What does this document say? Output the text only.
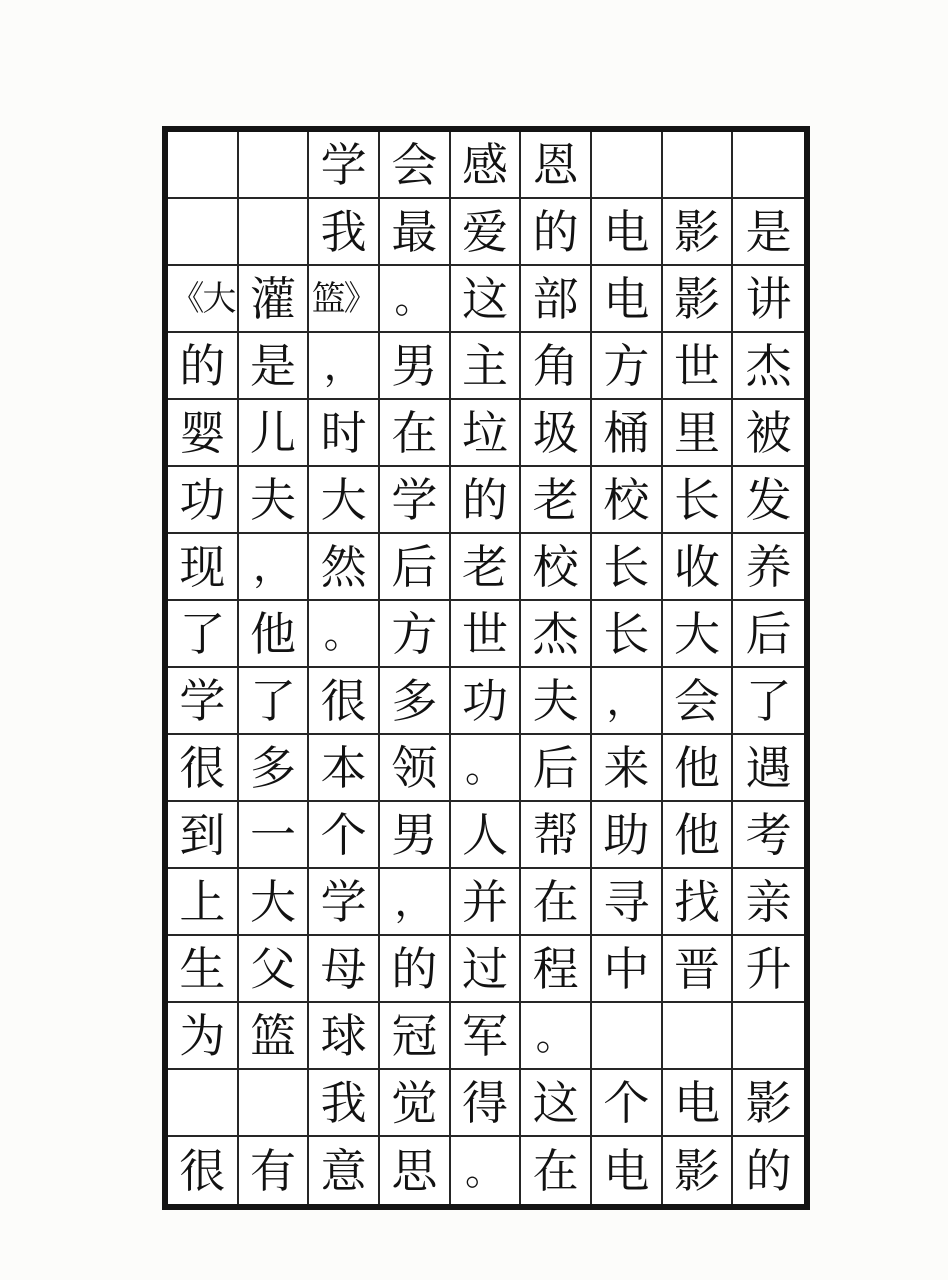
学 会 感 恩
我 最 爱 的 电 影 是
《大 灌 篮》 。 这 部 电 影 讲
的 是 ， 男 主 角 方 世 杰
婴 儿 时 在 垃 圾 桶 里 被
功 夫 大 学 的 老 校 长 发
现 ， 然 后 老 校 长 收 养
了 他 。 方 世 杰 长 大 后
学 了 很 多 功 夫 ， 会 了
很 多 本 领 。 后 来 他 遇
到 一 个 男 人 帮 助 他 考
上 大 学 ， 并 在 寻 找 亲
生 父 母 的 过 程 中 晋 升
为 篮 球 冠 军 。
我 觉 得 这 个 电 影
很 有 意 思 。 在 电 影 的
